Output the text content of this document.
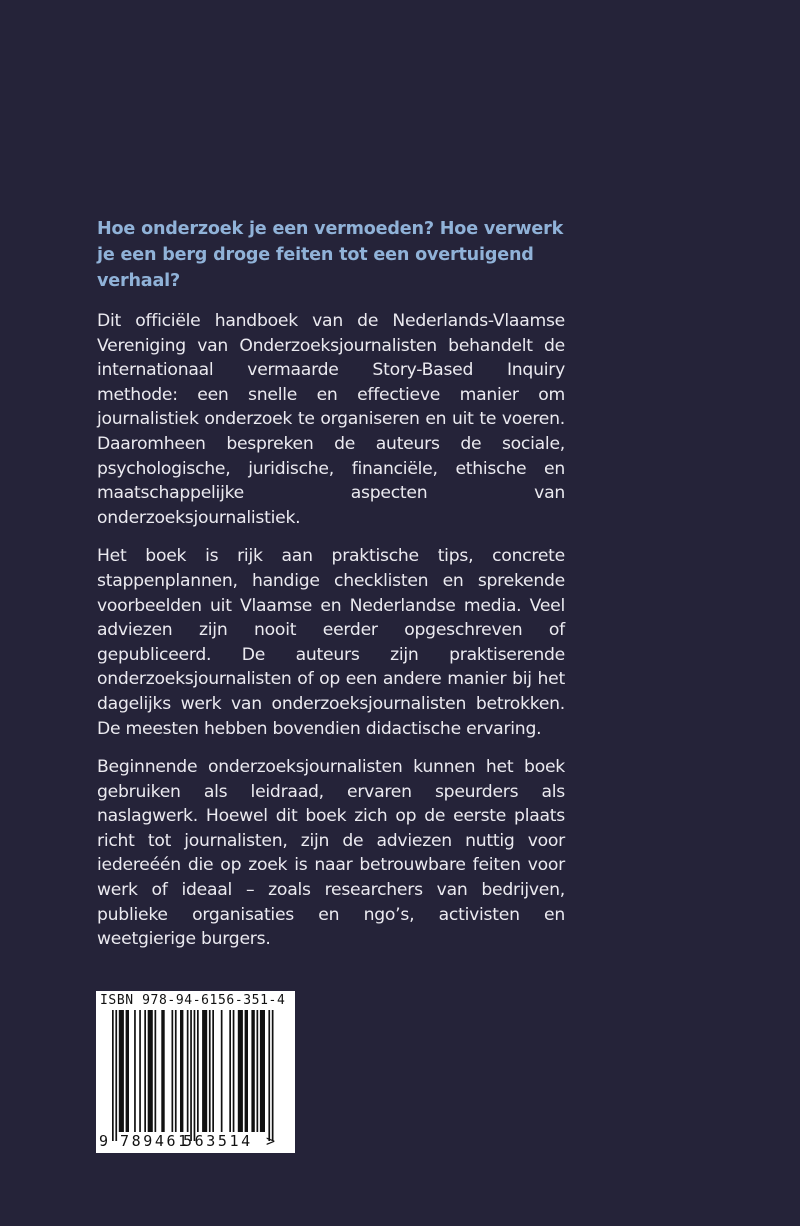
Hoe onderzoek je een vermoeden? Hoe verwerk je een berg droge feiten tot een overtuigend verhaal?

Dit officiële handboek van de Nederlands-Vlaamse Vereniging van Onderzoeksjournalisten behandelt de internationaal vermaarde Story-Based Inquiry methode: een snelle en effectieve manier om journalistiek onderzoek te organiseren en uit te voeren. Daaromheen bespreken de auteurs de sociale, psychologische, juridische, financiële, ethische en maatschappelijke aspecten van onderzoeksjournalistiek.

Het boek is rijk aan praktische tips, concrete stappenplannen, handige checklisten en sprekende voorbeelden uit Vlaamse en Nederlandse media. Veel adviezen zijn nooit eerder opgeschreven of gepubliceerd. De auteurs zijn praktiserende onderzoeksjournalisten of op een andere manier bij het dagelijks werk van onderzoeksjournalisten betrokken. De meesten hebben bovendien didactische ervaring.

Beginnende onderzoeksjournalisten kunnen het boek gebruiken als leidraad, ervaren speurders als naslagwerk. Hoewel dit boek zich op de eerste plaats richt tot journalisten, zijn de adviezen nuttig voor iedereéén die op zoek is naar betrouwbare feiten voor werk of ideaal – zoals researchers van bedrijven, publieke organisaties en ngo’s, activisten en weetgierige burgers.

ISBN 978-94-6156-351-4
9 789461
563514 >
